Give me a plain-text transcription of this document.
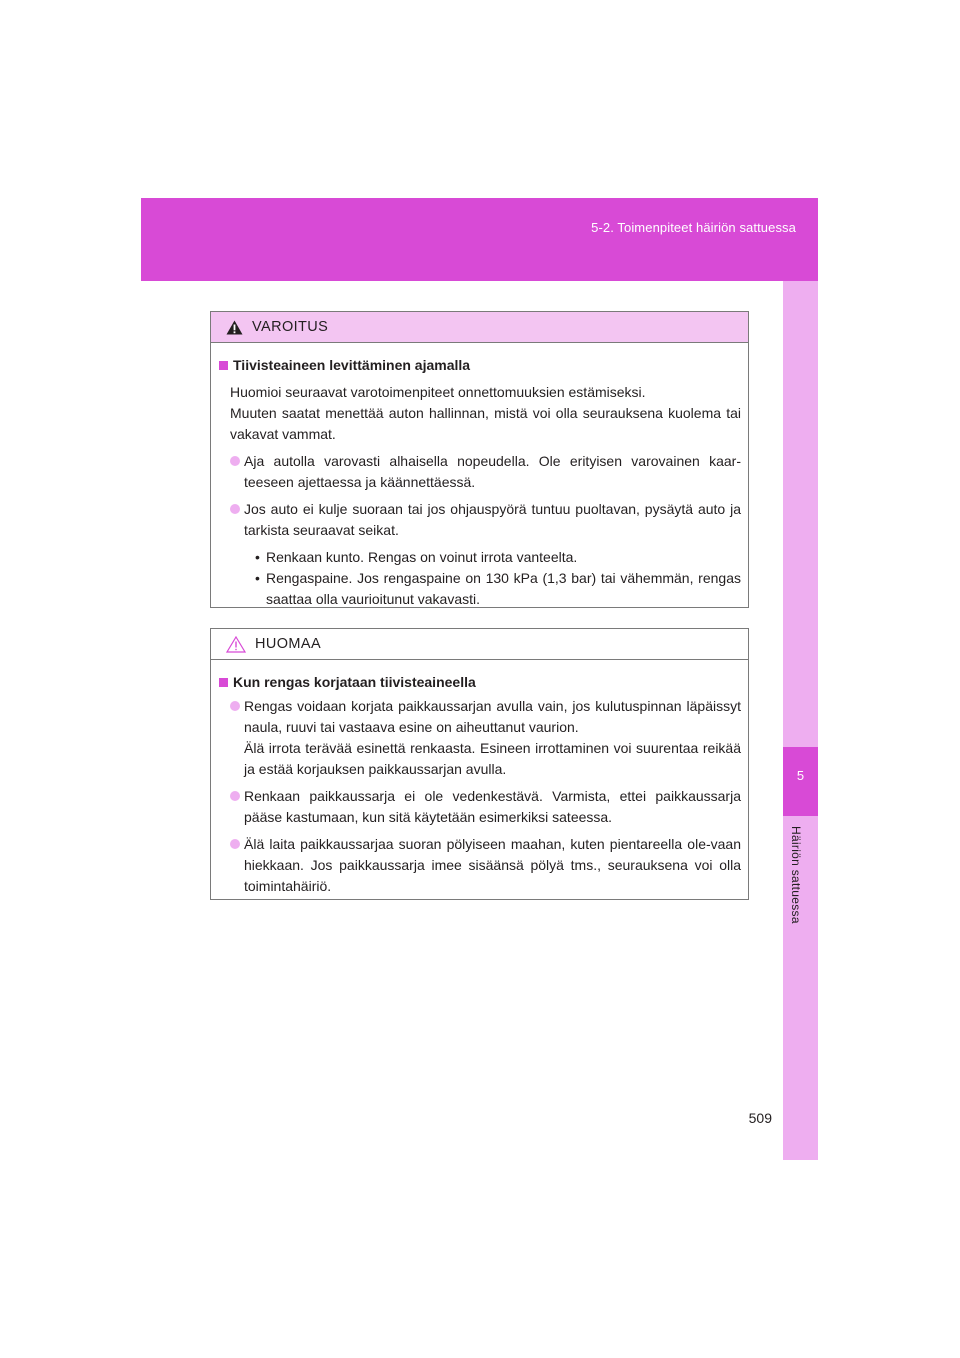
5-2. Toimenpiteet häiriön sattuessa
5
Häiriön sattuessa
VAROITUS
Tiivisteaineen levittäminen ajamalla
Huomioi seuraavat varotoimenpiteet onnettomuuksien estämiseksi.
Muuten saatat menettää auton hallinnan, mistä voi olla seurauksena kuolema tai vakavat vammat.
Aja autolla varovasti alhaisella nopeudella. Ole erityisen varovainen kaar-teeseen ajettaessa ja käännettäessä.
Jos auto ei kulje suoraan tai jos ohjauspyörä tuntuu puoltavan, pysäytä auto ja tarkista seuraavat seikat.
• Renkaan kunto. Rengas on voinut irrota vanteelta.
• Rengaspaine. Jos rengaspaine on 130 kPa (1,3 bar) tai vähemmän, rengas saattaa olla vaurioitunut vakavasti.
HUOMAA
Kun rengas korjataan tiivisteaineella
Rengas voidaan korjata paikkaussarjan avulla vain, jos kulutuspinnan läpäissyt naula, ruuvi tai vastaava esine on aiheuttanut vaurion.
Älä irrota terävää esinettä renkaasta. Esineen irrottaminen voi suurentaa reikää ja estää korjauksen paikkaussarjan avulla.
Renkaan paikkaussarja ei ole vedenkestävä. Varmista, ettei paikkaussarja pääse kastumaan, kun sitä käytetään esimerkiksi sateessa.
Älä laita paikkaussarjaa suoran pölyiseen maahan, kuten pientareella ole-vaan hiekkaan. Jos paikkaussarja imee sisäänsä pölyä tms., seurauksena voi olla toimintahäiriö.
509
